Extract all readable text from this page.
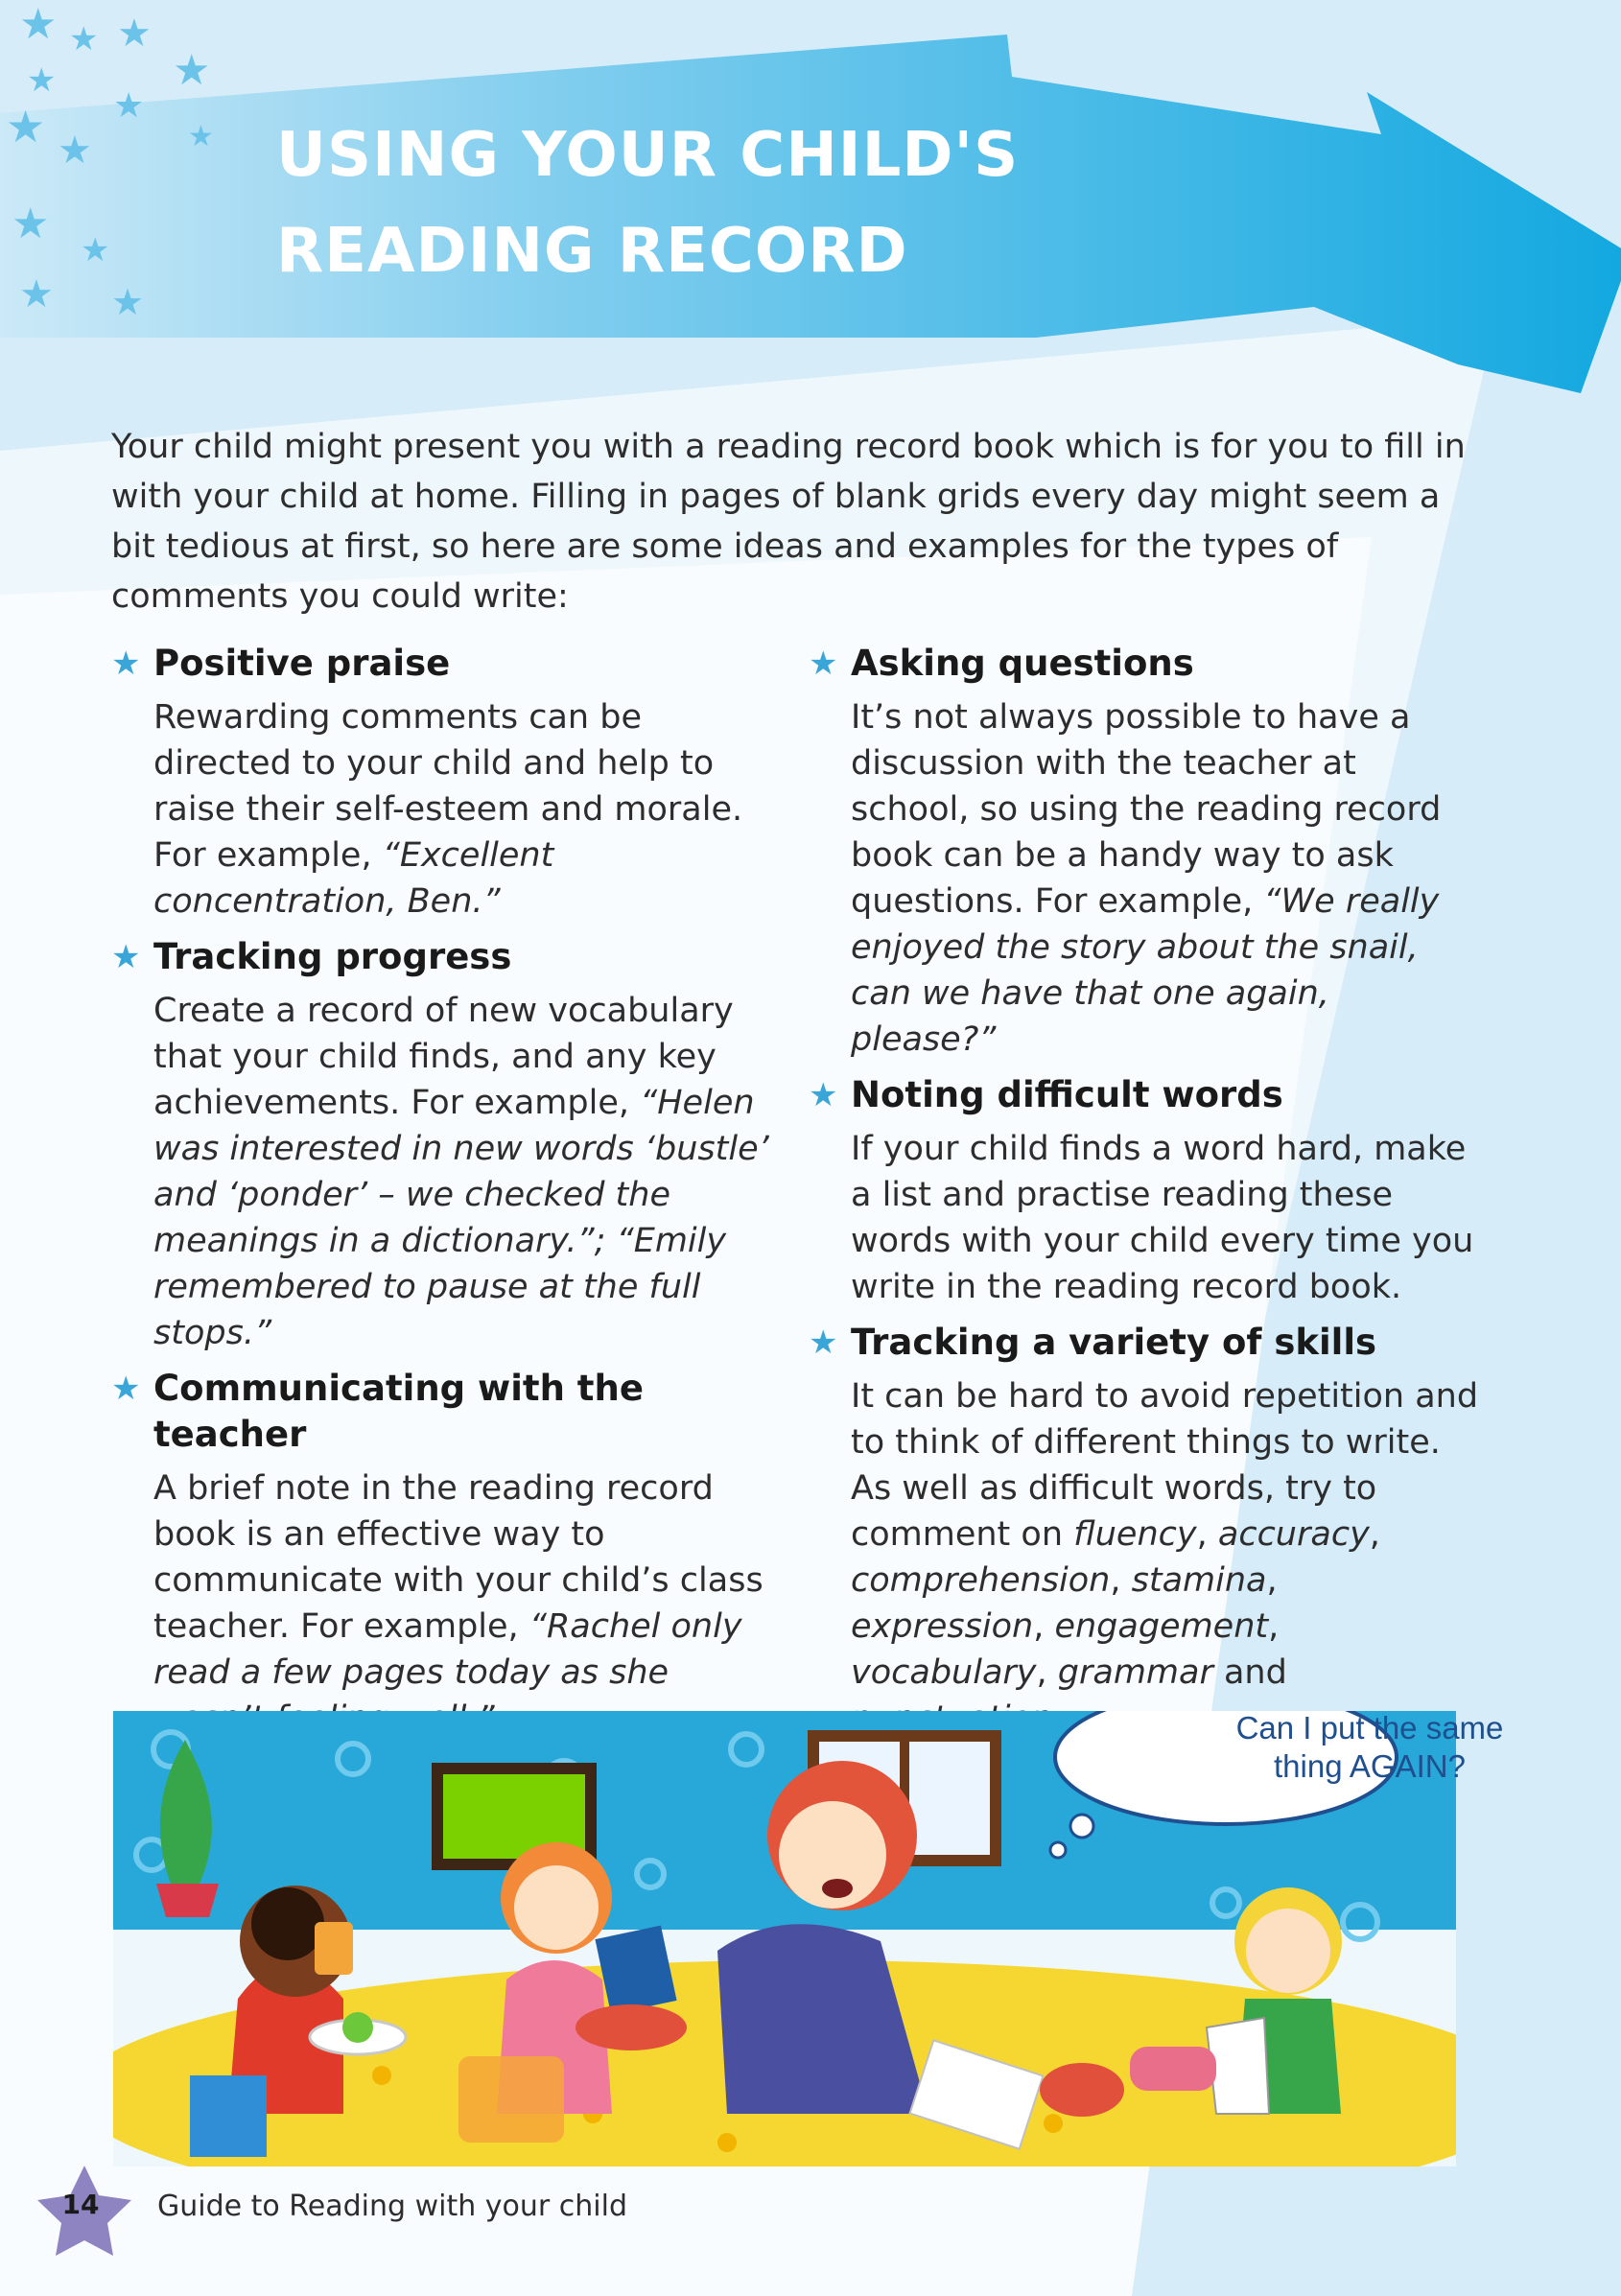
★ ★ ★
★	★
★
★ ★	★
★
★
★ ★
USING YOUR CHILD'S
READING RECORD

Your child might present you with a reading record book which is for you to fill in with your child at home. Filling in pages of blank grids every day might seem a bit tedious at first, so here are some ideas and examples for the types of comments you could write:

★ Positive praise

Rewarding comments can be directed to your child and help to raise their self-esteem and morale. For example, “Excellent concentration, Ben.”

★ Tracking progress

Create a record of new vocabulary that your child finds, and any key achievements. For example, “Helen was interested in new words ‘bustle’ and ‘ponder’ – we checked the meanings in a dictionary.”; “Emily remembered to pause at the full stops.”

★ Communicating with the teacher

A brief note in the reading record book is an effective way to communicate with your child’s class teacher. For example, “Rachel only read a few pages today as she

★ Asking questions

It’s not always possible to have a discussion with the teacher at school, so using the reading record book can be a handy way to ask questions. For example, “We really enjoyed the story about the snail, can we have that one again, please?”

★ Noting difficult words

If your child finds a word hard, make a list and practise reading these words with your child every time you write in the reading record book.

★ Tracking a variety of skills

It can be hard to avoid repetition and to think of different things to write. As well as difficult words, try to comment on fluency, accuracy, comprehension, stamina, expression, engagement, vocabulary, grammar and

Can I put the same thing AGAIN?
14 Guide to Reading with your child
